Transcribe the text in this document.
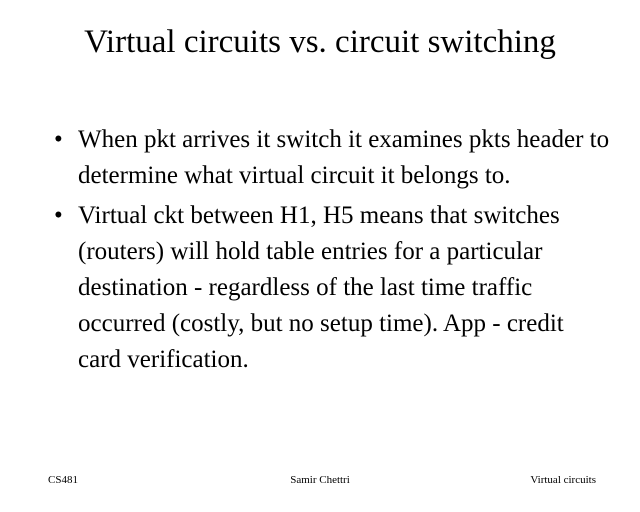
Virtual circuits vs. circuit switching
• When pkt arrives it switch it examines pkts header to determine what virtual circuit it belongs to.
• Virtual ckt between H1, H5 means that switches (routers) will hold table entries for a particular destination - regardless of the last time traffic occurred (costly, but no setup time). App - credit card verification.
CS481	Samir Chettri	Virtual circuits
